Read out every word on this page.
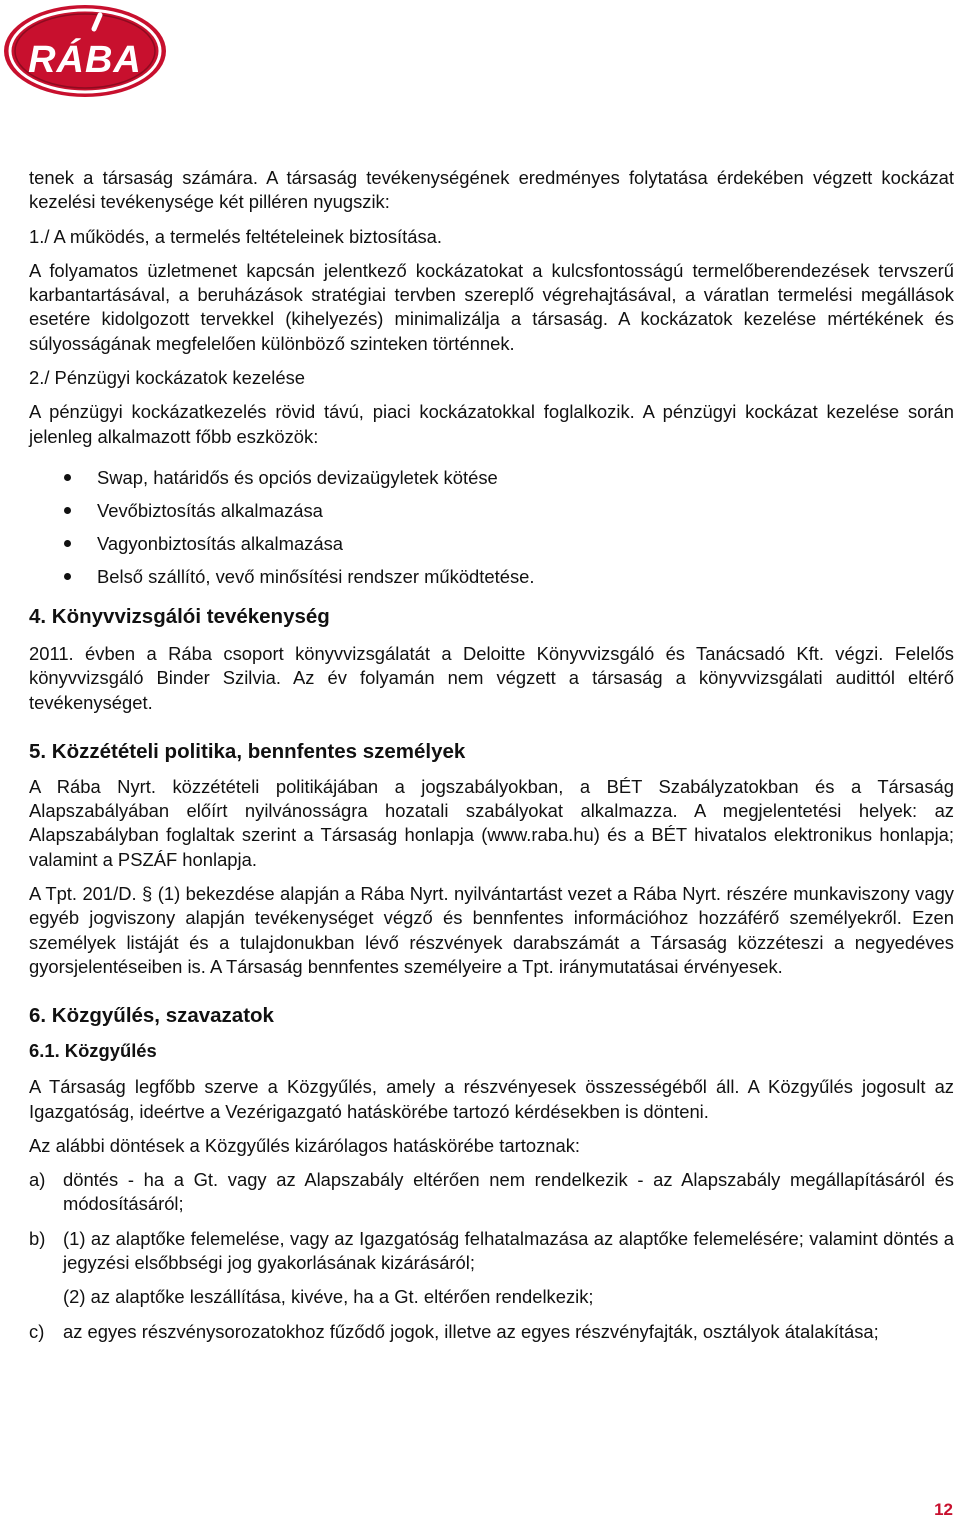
RÁBA

tenek a társaság számára. A társaság tevékenységének eredményes folytatása érdekében végzett kockázat kezelési tevékenysége két pilléren nyugszik:

1./ A működés, a termelés feltételeinek biztosítása.

A folyamatos üzletmenet kapcsán jelentkező kockázatokat a kulcsfontosságú termelőberendezések tervszerű karbantartásával, a beruházások stratégiai tervben szereplő végrehajtásával, a váratlan termelési megállások esetére kidolgozott tervekkel (kihelyezés) minimalizálja a társaság. A kockázatok kezelése mértékének és súlyosságának megfelelően különböző szinteken történnek.

2./ Pénzügyi kockázatok kezelése

A pénzügyi kockázatkezelés rövid távú, piaci kockázatokkal foglalkozik. A pénzügyi kockázat kezelése során jelenleg alkalmazott főbb eszközök:

Swap, határidős és opciós devizaügyletek kötése
Vevőbiztosítás alkalmazása
Vagyonbiztosítás alkalmazása
Belső szállító, vevő minősítési rendszer működtetése.
4. Könyvvizsgálói tevékenység

2011. évben a Rába csoport könyvvizsgálatát a Deloitte Könyvvizsgáló és Tanácsadó Kft. végzi. Felelős könyvvizsgáló Binder Szilvia. Az év folyamán nem végzett a társaság a könyvvizsgálati audittól eltérő tevékenységet.

5. Közzétételi politika, bennfentes személyek

A Rába Nyrt. közzétételi politikájában a jogszabályokban, a BÉT Szabályzatokban és a Társaság Alapszabályában előírt nyilvánosságra hozatali szabályokat alkalmazza. A megjelentetési helyek: az Alapszabályban foglaltak szerint a Társaság honlapja (www.raba.hu) és a BÉT hivatalos elektronikus honlapja; valamint a PSZÁF honlapja.

A Tpt. 201/D. § (1) bekezdése alapján a Rába Nyrt. nyilvántartást vezet a Rába Nyrt. részére munkaviszony vagy egyéb jogviszony alapján tevékenységet végző és bennfentes információhoz hozzáférő személyekről. Ezen személyek listáját és a tulajdonukban lévő részvények darabszámát a Társaság közzéteszi a negyedéves gyorsjelentéseiben is. A Társaság bennfentes személyeire a Tpt. iránymutatásai érvényesek.

6. Közgyűlés, szavazatok
6.1. Közgyűlés

A Társaság legfőbb szerve a Közgyűlés, amely a részvényesek összességéből áll. A Közgyűlés jogosult az Igazgatóság, ideértve a Vezérigazgató hatáskörébe tartozó kérdésekben is dönteni.

Az alábbi döntések a Közgyűlés kizárólagos hatáskörébe tartoznak:

a) döntés - ha a Gt. vagy az Alapszabály eltérően nem rendelkezik - az Alapszabály megállapításáról és módosításáról;
b) (1) az alaptőke felemelése, vagy az Igazgatóság felhatalmazása az alaptőke felemelésére; valamint döntés a jegyzési elsőbbségi jog gyakorlásának kizárásáról;
(2) az alaptőke leszállítása, kivéve, ha a Gt. eltérően rendelkezik;
c) az egyes részvénysorozatokhoz fűződő jogok, illetve az egyes részvényfajták, osztályok átalakítása;
12
